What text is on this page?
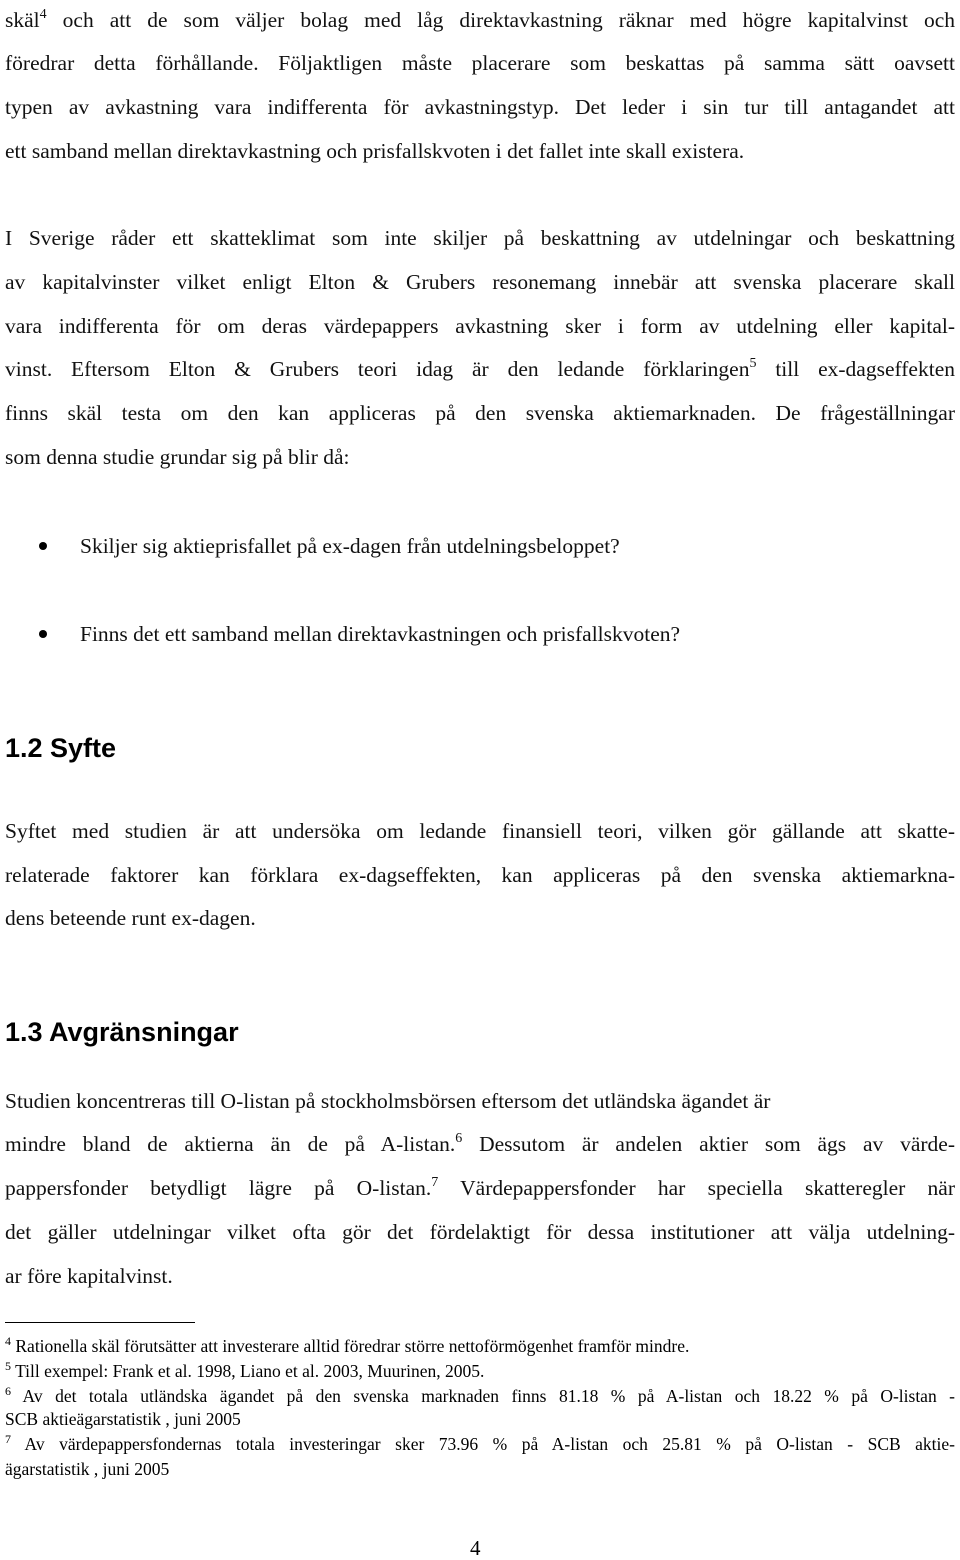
skäl$^4$ och att de som väljer bolag med låg direktavkastning räknar med högre kapitalvinst och
föredrar detta förhållande. Följaktligen måste placerare som beskattas på samma sätt oavsett
typen av avkastning vara indifferenta för avkastningstyp. Det leder i sin tur till antagandet att
ett samband mellan direktavkastning och prisfallskvoten i det fallet inte skall existera.
I Sverige råder ett skatteklimat som inte skiljer på beskattning av utdelningar och beskattning
av kapitalvinster vilket enligt Elton & Grubers resonemang innebär att svenska placerare skall
vara indifferenta för om deras värdepappers avkastning sker i form av utdelning eller kapital-
vinst. Eftersom Elton & Grubers teori idag är den ledande förklaringen$^5$ till ex-dagseffekten
finns skäl testa om den kan appliceras på den svenska aktiemarknaden. De frågeställningar
som denna studie grundar sig på blir då:
Skiljer sig aktieprisfallet på ex-dagen från utdelningsbeloppet?
Finns det ett samband mellan direktavkastningen och prisfallskvoten?
1.2 Syfte
Syftet med studien är att undersöka om ledande finansiell teori, vilken gör gällande att skatte-
relaterade faktorer kan förklara ex-dagseffekten, kan appliceras på den svenska aktiemarkna-
dens beteende runt ex-dagen.
1.3 Avgränsningar
Studien koncentreras till O-listan på stockholmsbörsen eftersom det utländska ägandet är
mindre bland de aktierna än de på A-listan.$^6$ Dessutom är andelen aktier som ägs av värde-
pappersfonder betydligt lägre på O-listan.$^7$ Värdepappersfonder har speciella skatteregler när
det gäller utdelningar vilket ofta gör det fördelaktigt för dessa institutioner att välja utdelning-
ar före kapitalvinst.
$^4$ Rationella skäl förutsätter att investerare alltid föredrar större nettoförmögenhet framför mindre.
$^5$ Till exempel: Frank et al. 1998, Liano et al. 2003, Muurinen, 2005.
$^6$ Av det totala utländska ägandet på den svenska marknaden finns 81.18 % på A-listan och 18.22 % på O-listan -
SCB aktieägarstatistik , juni 2005
$^7$ Av värdepappersfondernas totala investeringar sker 73.96 % på A-listan och 25.81 % på O-listan - SCB aktie-
ägarstatistik , juni 2005
4
